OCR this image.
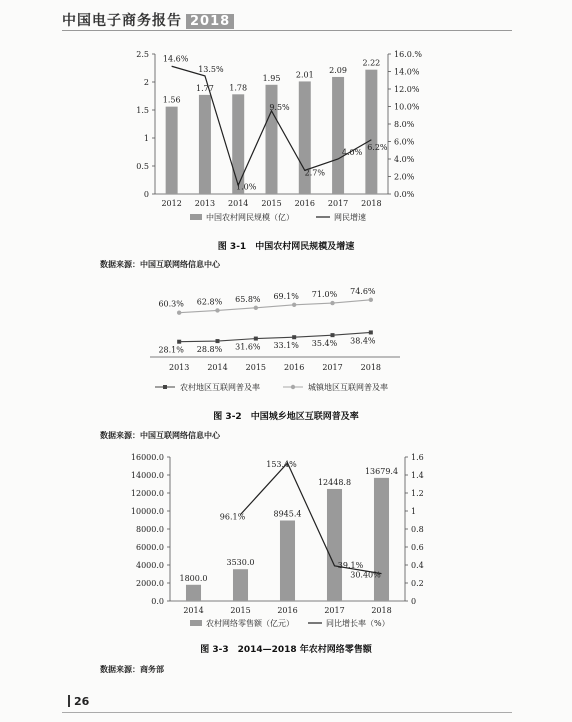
中国电子商务报告 2018
0
0.5
1
1.5
2
2.5
0.0%
2.0%
4.0%
6.0%
8.0%
10.0%
12.0%
14.0%
16.0.%
1.56
2012
1.77
2013
1.78
2014
1.95
2015
2.01
2016
2.09
2017
2.22
2018
14.6%
13.5%
1.0%
9.5%
2.7%
4.0%
6.2%
中国农村网民规模（亿）	网民增速
图 3-1　中国农村网民规模及增速
数据来源：中国互联网络信息中心
2013 2014 2015 2016 2017 2018
28.1% 28.8% 31.6% 33.1% 35.4% 38.4%
60.3% 62.8% 65.8% 69.1% 71.0% 74.6%
农村地区互联网普及率	城镇地区互联网普及率
图 3-2　中国城乡地区互联网普及率
数据来源：中国互联网络信息中心
0.0
2000.0
4000.0
6000.0
8000.0
10000.0
12000.0
14000.0
16000.0
0
0.2
0.4
0.6
0.8
1
1.2
1.4
1.6
1800.0
2014
3530.0
2015
8945.4
2016
12448.8
2017
13679.4
2018
96.1%
153.4%
39.1%
30.40%
农村网络零售额（亿元）	同比增长率（%）
图 3-3　2014—2018 年农村网络零售额
数据来源：商务部
26
